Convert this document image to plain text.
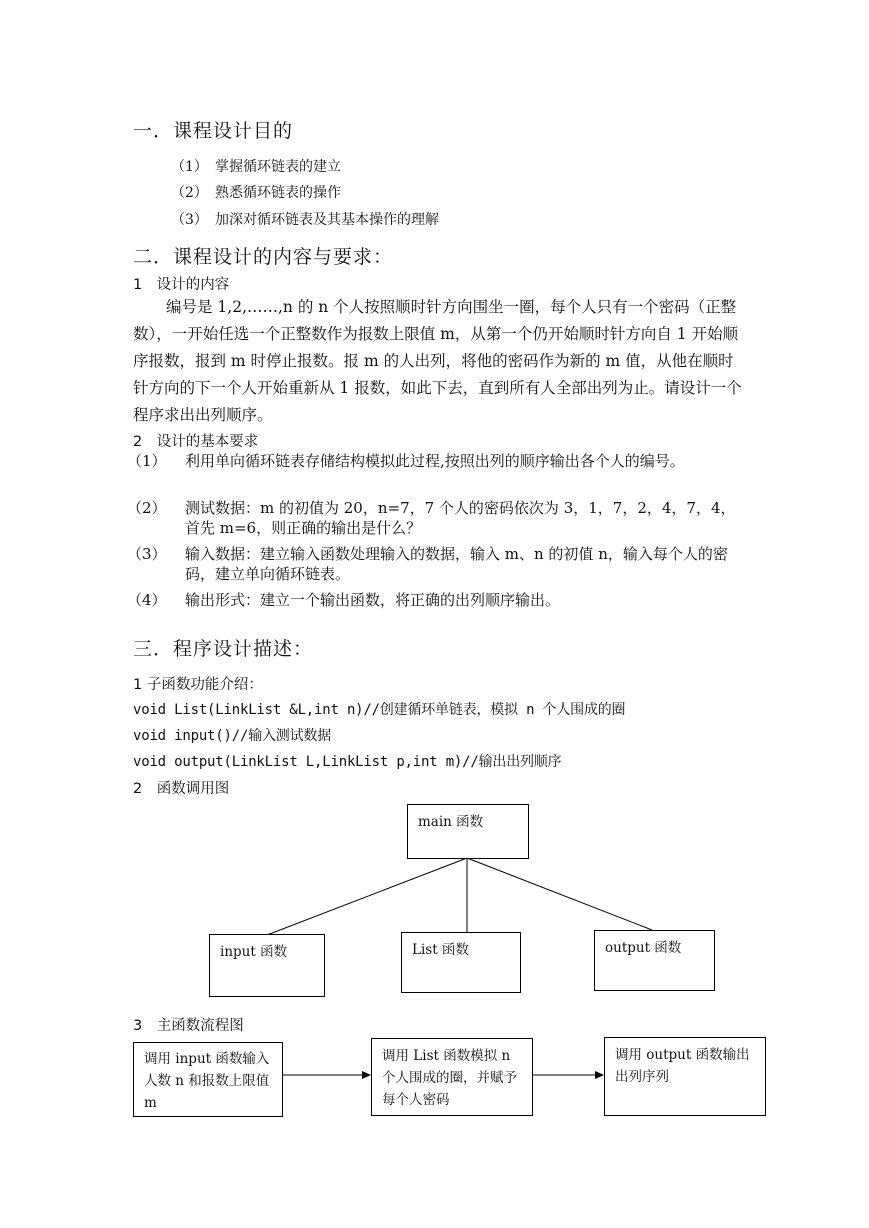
一．课程设计目的
（1） 掌握循环链表的建立
（2） 熟悉循环链表的操作
（3） 加深对循环链表及其基本操作的理解
二．课程设计的内容与要求：
1　设计的内容
编号是 1,2,……,n 的 n 个人按照顺时针方向围坐一圈，每个人只有一个密码（正整数），一开始任选一个正整数作为报数上限值 m，从第一个仍开始顺时针方向自 1 开始顺序报数，报到 m 时停止报数。报 m 的人出列，将他的密码作为新的 m 值，从他在顺时针方向的下一个人开始重新从 1 报数，如此下去，直到所有人全部出列为止。请设计一个程序求出出列顺序。
2　设计的基本要求
（1）	利用单向循环链表存储结构模拟此过程,按照出列的顺序输出各个人的编号。
（2）	测试数据：m 的初值为 20，n=7，7 个人的密码依次为 3，1，7，2，4，7，4，首先 m=6，则正确的输出是什么？
（3）	输入数据：建立输入函数处理输入的数据，输入 m、n 的初值 n，输入每个人的密码，建立单向循环链表。
（4）	输出形式：建立一个输出函数，将正确的出列顺序输出。
三．程序设计描述：
1 子函数功能介绍：
void List(LinkList &L,int n)//创建循环单链表，模拟 n 个人围成的圈
void input()//输入测试数据
void output(LinkList L,LinkList p,int m)//输出出列顺序
2　函数调用图
main 函数
input 函数	List 函数	output 函数
3　主函数流程图
调用 input 函数输入人数 n 和报数上限值 m
调用 List 函数模拟 n 个人围成的圈，并赋予每个人密码
调用 output 函数输出出列序列
